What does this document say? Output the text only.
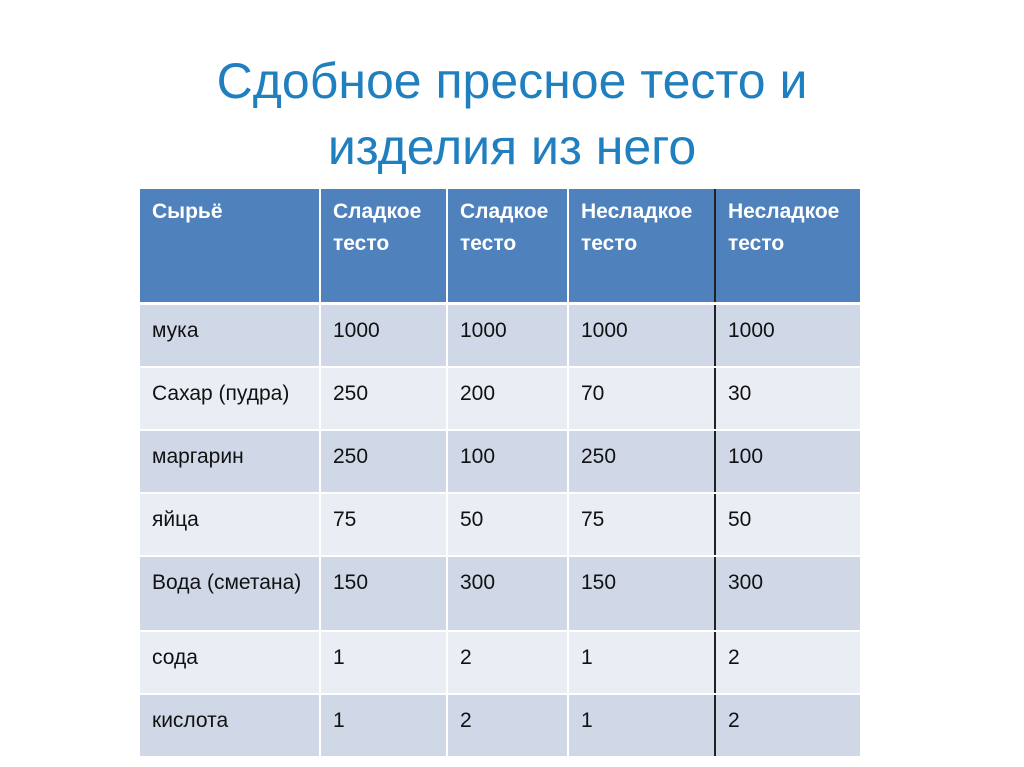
Сдобное пресное тесто и
изделия из него
Сырьё	Сладкое тесто	Сладкое тесто	Несладкое тесто	Несладкое тесто
мука	1000	1000	1000	1000
Сахар (пудра)	250	200	70	30
маргарин	250	100	250	100
яйца	75	50	75	50
Вода (сметана)	150	300	150	300
сода	1	2	1	2
кислота	1	2	1	2
